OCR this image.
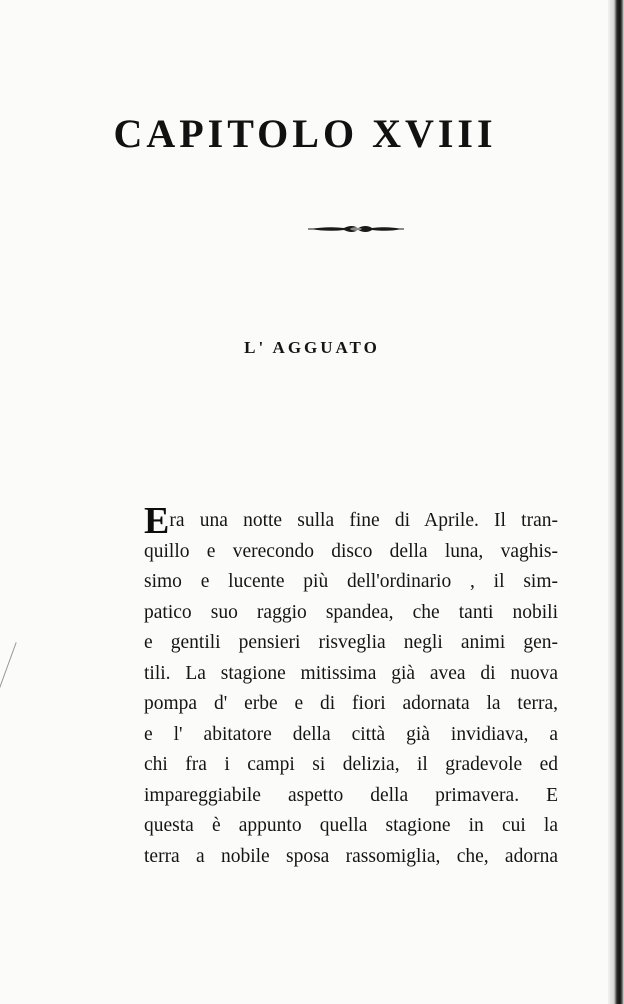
CAPITOLO XVIII
L' AGGUATO
Era una notte sulla fine di Aprile. Il tran-
quillo e verecondo disco della luna, vaghis-
simo e lucente più dell'ordinario , il sim-
patico suo raggio spandea, che tanti nobili
e gentili pensieri risveglia negli animi gen-
tili. La stagione mitissima già avea di nuova
pompa d' erbe e di fiori adornata la terra,
e l' abitatore della città già invidiava, a
chi fra i campi si delizia, il gradevole ed
impareggiabile aspetto della primavera. E
questa è appunto quella stagione in cui la
terra a nobile sposa rassomiglia, che, adorna
